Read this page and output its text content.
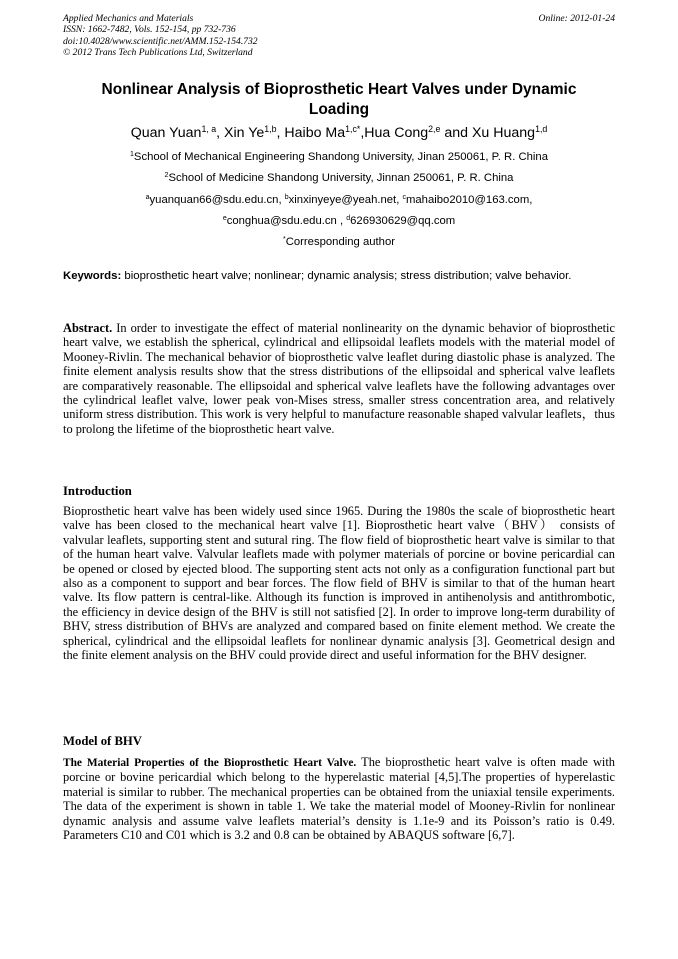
Applied Mechanics and Materials
ISSN: 1662-7482, Vols. 152-154, pp 732-736
doi:10.4028/www.scientific.net/AMM.152-154.732
© 2012 Trans Tech Publications Ltd, Switzerland
Online: 2012-01-24
Nonlinear Analysis of Bioprosthetic Heart Valves under Dynamic Loading
Quan Yuan$^{1, a}$, Xin Ye$^{1,b}$, Haibo $Ma^{1,c*},Hua$ Cong$^{2,e}$ and Xu Huang$^{1,d}$
$^1$School of Mechanical Engineering Shandong University, Jinan 250061, P. R. China
$^2$School of Medicine Shandong University, Jinnan 250061, P. R. China
$^a$yuanquan66@sdu.edu.cn, $^b$xinxinyeye@yeah.net, $^c$mahaibo2010@163.com,
$^e$conghua@sdu.edu.cn , $^d$626930629@qq.com
*Corresponding author
Keywords: bioprosthetic heart valve; nonlinear; dynamic analysis; stress distribution; valve behavior.
Abstract. In order to investigate the effect of material nonlinearity on the dynamic behavior of bioprosthetic heart valve, we establish the spherical, cylindrical and ellipsoidal leaflets models with the material model of Mooney-Rivlin. The mechanical behavior of bioprosthetic valve leaflet during diastolic phase is analyzed. The finite element analysis results show that the stress distributions of the ellipsoidal and spherical valve leaflets are comparatively reasonable. The ellipsoidal and spherical valve leaflets have the following advantages over the cylindrical leaflet valve, lower peak von-Mises stress, smaller stress concentration area, and relatively uniform stress distribution. This work is very helpful to manufacture reasonable shaped valvular leaflets，thus to prolong the lifetime of the bioprosthetic heart valve.
Introduction
Bioprosthetic heart valve has been widely used since 1965. During the 1980s the scale of bioprosthetic heart valve has been closed to the mechanical heart valve [1]. Bioprosthetic heart valve（BHV） consists of valvular leaflets, supporting stent and sutural ring. The flow field of bioprosthetic heart valve is similar to that of the human heart valve. Valvular leaflets made with polymer materials of porcine or bovine pericardial can be opened or closed by ejected blood. The supporting stent acts not only as a configuration functional part but also as a component to support and bear forces. The flow field of BHV is similar to that of the human heart valve. Its flow pattern is central-like. Although its function is improved in antihenolysis and antithrombotic, the efficiency in device design of the BHV is still not satisfied [2]. In order to improve long-term durability of BHV, stress distribution of BHVs are analyzed and compared based on finite element method. We create the spherical, cylindrical and the ellipsoidal leaflets for nonlinear dynamic analysis [3]. Geometrical design and the finite element analysis on the BHV could provide direct and useful information for the BHV designer.
Model of BHV
The Material Properties of the Bioprosthetic Heart Valve. The bioprosthetic heart valve is often made with porcine or bovine pericardial which belong to the hyperelastic material [4,5].The properties of hyperelastic material is similar to rubber. The mechanical properties can be obtained from the uniaxial tensile experiments. The data of the experiment is shown in table 1. We take the material model of Mooney-Rivlin for nonlinear dynamic analysis and assume valve leaflets material’s density is 1.1e-9 and its Poisson’s ratio is 0.49. Parameters C10 and C01 which is 3.2 and 0.8 can be obtained by ABAQUS software [6,7].
